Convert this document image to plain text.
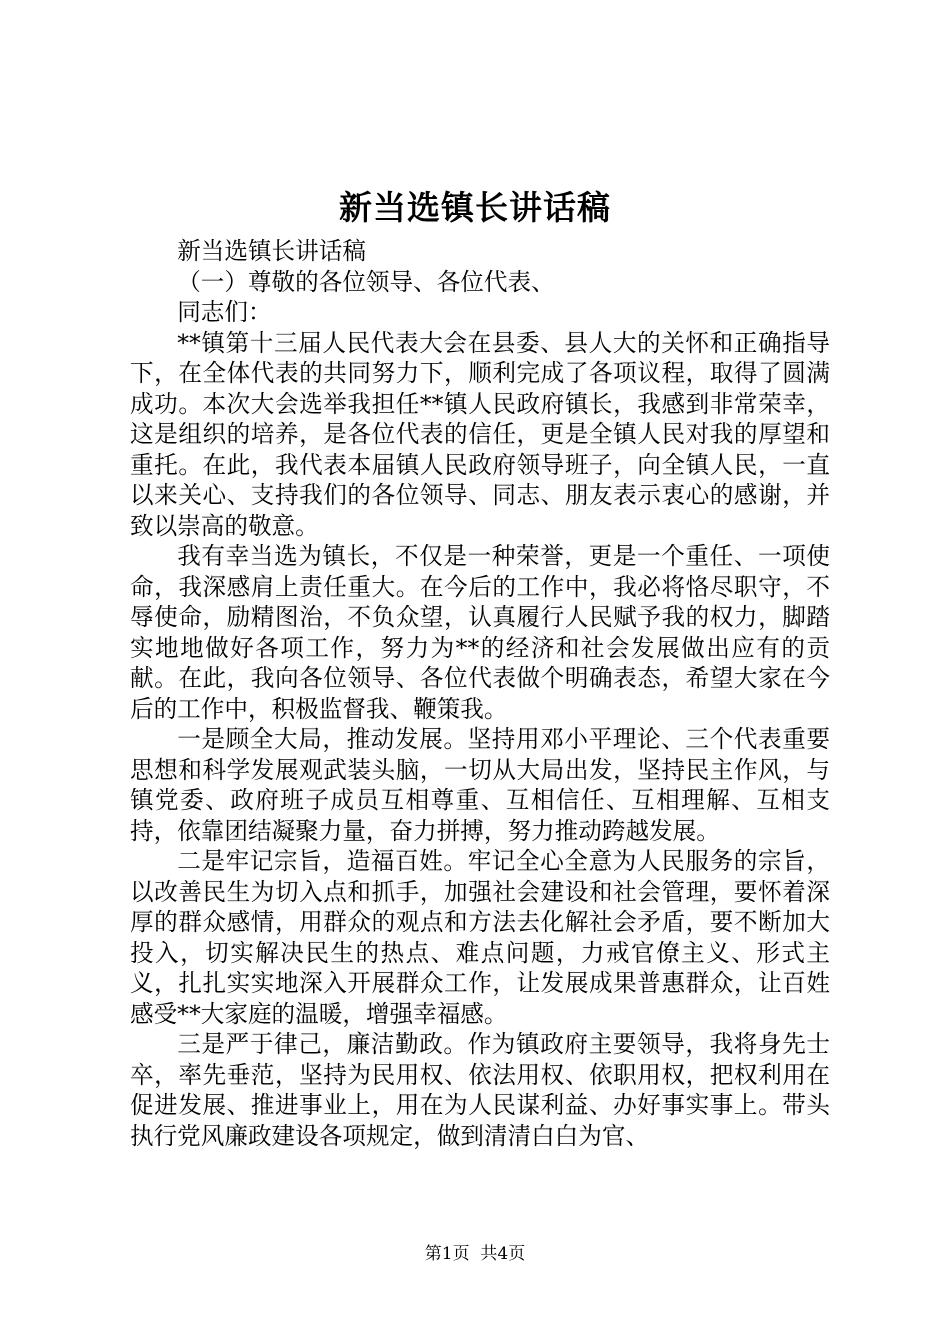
新当选镇长讲话稿

新当选镇长讲话稿

（一）尊敬的各位领导、各位代表、

同志们：

**镇第十三届人民代表大会在县委、县人大的关怀和正确指导下，在全体代表的共同努力下，顺利完成了各项议程，取得了圆满成功。本次大会选举我担任**镇人民政府镇长，我感到非常荣幸，这是组织的培养，是各位代表的信任，更是全镇人民对我的厚望和重托。在此，我代表本届镇人民政府领导班子，向全镇人民，一直以来关心、支持我们的各位领导、同志、朋友表示衷心的感谢，并致以崇高的敬意。

我有幸当选为镇长，不仅是一种荣誉，更是一个重任、一项使命，我深感肩上责任重大。在今后的工作中，我必将恪尽职守，不辱使命，励精图治，不负众望，认真履行人民赋予我的权力，脚踏实地地做好各项工作，努力为**的经济和社会发展做出应有的贡献。在此，我向各位领导、各位代表做个明确表态，希望大家在今后的工作中，积极监督我、鞭策我。

一是顾全大局，推动发展。坚持用邓小平理论、三个代表重要思想和科学发展观武装头脑，一切从大局出发，坚持民主作风，与镇党委、政府班子成员互相尊重、互相信任、互相理解、互相支持，依靠团结凝聚力量，奋力拼搏，努力推动跨越发展。

二是牢记宗旨，造福百姓。牢记全心全意为人民服务的宗旨，以改善民生为切入点和抓手，加强社会建设和社会管理，要怀着深厚的群众感情，用群众的观点和方法去化解社会矛盾，要不断加大投入，切实解决民生的热点、难点问题，力戒官僚主义、形式主义，扎扎实实地深入开展群众工作，让发展成果普惠群众，让百姓感受**大家庭的温暖，增强幸福感。

三是严于律己，廉洁勤政。作为镇政府主要领导，我将身先士卒，率先垂范，坚持为民用权、依法用权、依职用权，把权利用在促进发展、推进事业上，用在为人民谋利益、办好事实事上。带头执行党风廉政建设各项规定，做到清清白白为官、

第1页 共4页
